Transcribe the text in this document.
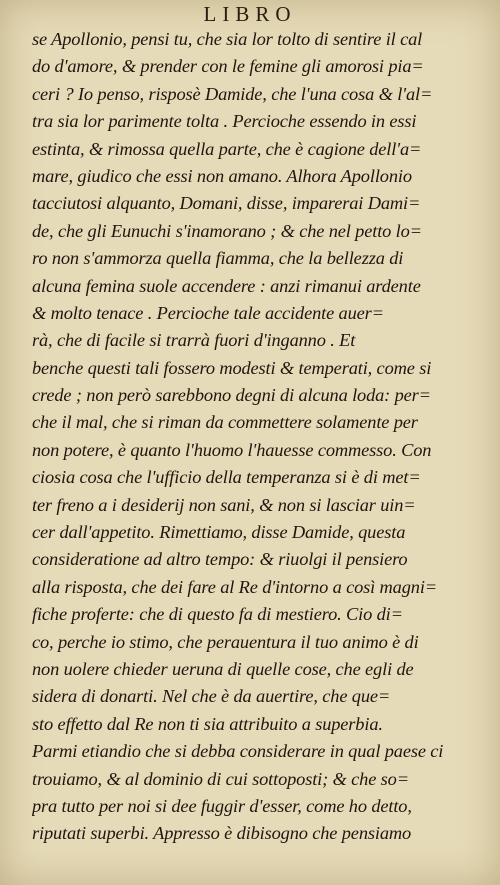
LIBRO
se Apollonio, pensi tu, che sia lor tolto di sentire il cal
do d'amore, & prender con le femine gli amorosi pia=
ceri ? Io penso, risposè Damide, che l'una cosa & l'al=
tra sia lor parimente tolta . Percioche essendo in essi
estinta, & rimossa quella parte, che è cagione dell'a=
mare, giudico che essi non amano. Alhora Apollonio
tacciutosi alquanto, Domani, disse, imparerai Dami=
de, che gli Eunuchi s'inamorano ; & che nel petto lo=
ro non s'ammorza quella fiamma, che la bellezza di
alcuna femina suole accendere : anzi rimanui ardente
& molto tenace . Percioche tale accidente auer=
rà, che di facile si trarrà fuori d'inganno . Et
benche questi tali fossero modesti & temperati, come si
crede ; non però sarebbono degni di alcuna loda: per=
che il mal, che si riman da commettere solamente per
non potere, è quanto l'huomo l'hauesse commesso. Con
ciosia cosa che l'ufficio della temperanza si è di met=
ter freno a i desiderij non sani, & non si lasciar uin=
cer dall'appetito. Rimettiamo, disse Damide, questa
consideratione ad altro tempo: & riuolgi il pensiero
alla risposta, che dei fare al Re d'intorno a così magni=
fiche proferte: che di questo fa di mestiero. Cio di=
co, perche io stimo, che perauentura il tuo animo è di
non uolere chieder ueruna di quelle cose, che egli de
sidera di donarti. Nel che è da auertire, che que=
sto effetto dal Re non ti sia attribuito a superbia.
Parmi etiandio che si debba considerare in qual paese ci
trouiamo, & al dominio di cui sottoposti; & che so=
pra tutto per noi si dee fuggir d'esser, come ho detto,
riputati superbi. Appresso è dibisogno che pensiamo
